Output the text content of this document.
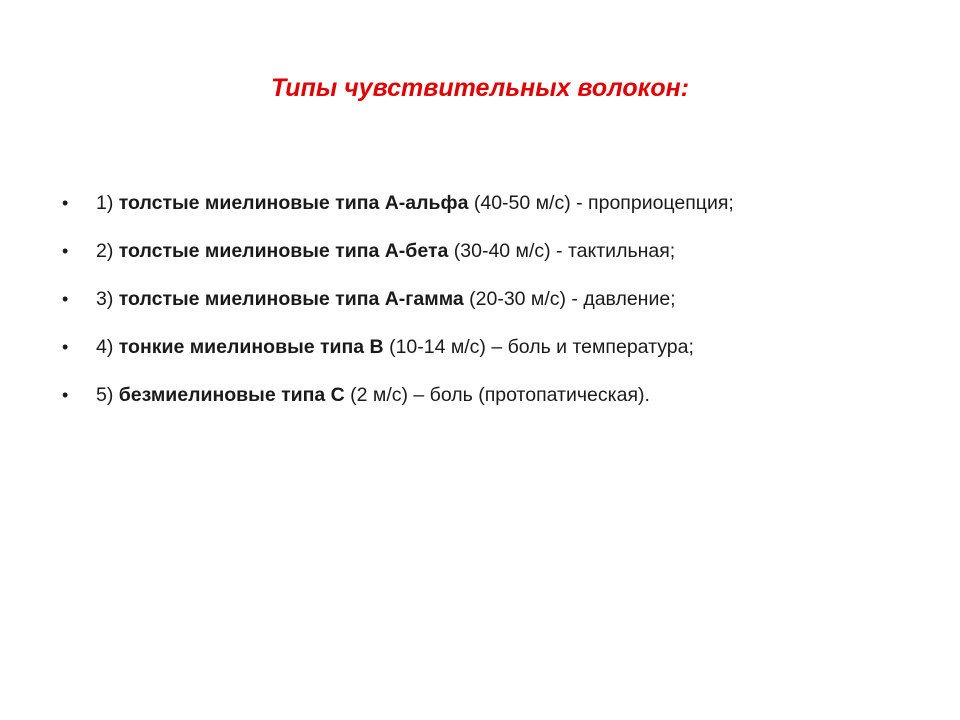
Типы чувствительных волокон:
• 1) толстые миелиновые типа А-альфа (40-50 м/с) - проприоцепция;
• 2) толстые миелиновые типа А-бета (30-40 м/с) - тактильная;
• 3) толстые миелиновые типа А-гамма (20-30 м/с) - давление;
• 4) тонкие миелиновые типа В (10-14 м/с) – боль и температура;
• 5) безмиелиновые типа С (2 м/с) – боль (протопатическая).
